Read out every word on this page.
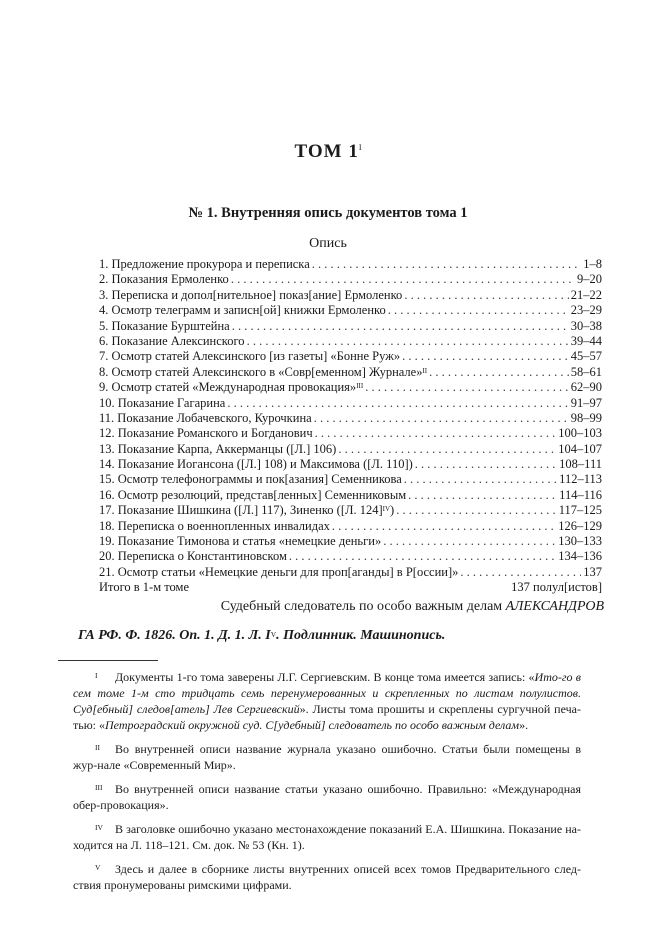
ТОМ $1^I$
№ 1. Внутренняя опись документов тома 1
Опись
1. Предложение прокурора и переписка . . .	1–8
2. Показания Ермоленко . . .	9–20
3. Переписка и допол[нительное] показ[ание] Ермоленко . . .	21–22
4. Осмотр телеграмм и записн[ой] книжки Ермоленко . . .	23–29
5. Показание Бурштейна . . .	30–38
6. Показание Алексинского . . .	39–44
7. Осмотр статей Алексинского [из газеты] «Бонне Руж» . . .	45–57
8. Осмотр статей Алексинского в «Совр[еменном] Журнале»$^{II}$ . . .	58–61
9. Осмотр статей «Международная провокация»$^{III}$ . . .	62–90
10. Показание Гагарина . . .	91–97
11. Показание Лобачевского, Курочкина . . .	98–99
12. Показание Романского и Богданович . . .	100–103
13. Показание Карпа, Аккерманцы ([Л.] 106) . . .	104–107
14. Показание Иогансона ([Л.] 108) и Максимова ([Л. 110]) . . .	108–111
15. Осмотр телефонограммы и пок[азания] Семенникова . . .	112–113
16. Осмотр резолюций, представ[ленных] Семенниковым . . .	114–116
17. Показание Шишкина ([Л.] 117), Зиненко ([Л. 124]$^{IV}$) . . .	117–125
18. Переписка о военнопленных инвалидах . . .	126–129
19. Показание Тимонова и статья «немецкие деньги» . . .	130–133
20. Переписка о Константиновском . . .	134–136
21. Осмотр статьи «Немецкие деньги для проп[аганды] в Р[оссии]» . . .	137
Итого в 1-м томе	137 полул[истов]
Судебный следователь по особо важным делам АЛЕКСАНДРОВ
ГА РФ. Ф. 1826. Оп. 1. Д. 1. Л. $I^V$. Подлинник. Машинопись.
I Документы 1-го тома заверены Л.Г. Сергиевским. В конце тома имеется запись: «Ито-го в сем томе 1-м сто тридцать семь перенумерованных и скрепленных по листам полулистов. Суд[ебный] следов[атель] Лев Сергиевский». Листы тома прошиты и скреплены сургучной печа-тью: «Петроградский окружной суд. С[удебный] следователь по особо важным делам».
II Во внутренней описи название журнала указано ошибочно. Статьи были помещены в жур-нале «Современный Мир».
III Во внутренней описи название статьи указано ошибочно. Правильно: «Международная обер-провокация».
IV В заголовке ошибочно указано местонахождение показаний Е.А. Шишкина. Показание на-ходится на Л. 118–121. См. док. № 53 (Кн. 1).
V Здесь и далее в сборнике листы внутренних описей всех томов Предварительного след-ствия пронумерованы римскими цифрами.
